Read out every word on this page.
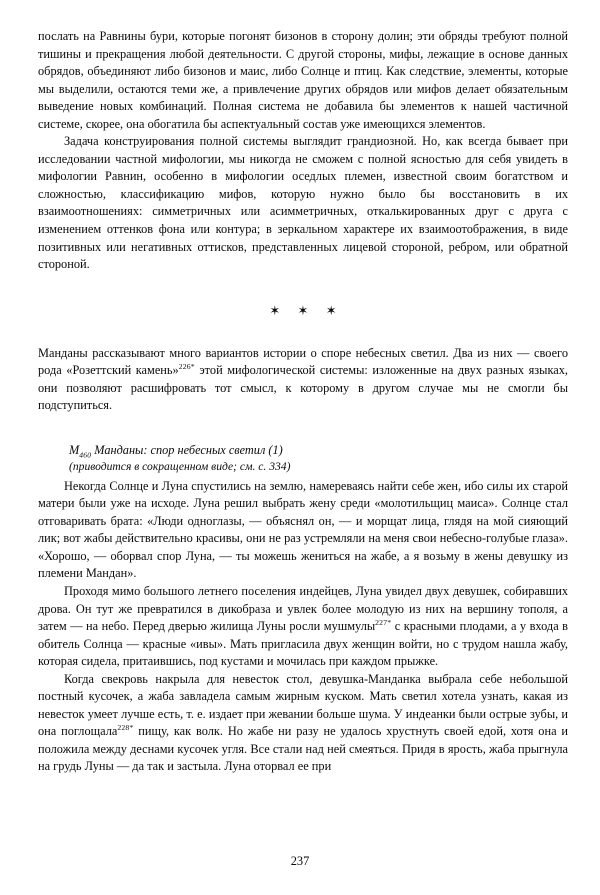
послать на Равнины бури, которые погонят бизонов в сторону долин; эти обряды требуют полной тишины и прекращения любой деятельности. С другой стороны, мифы, лежащие в основе данных обрядов, объединяют либо бизонов и маис, либо Солнце и птиц. Как следствие, элементы, которые мы выделили, остаются теми же, а привлечение других обрядов или мифов делает обязательным выведение новых комбинаций. Полная система не добавила бы элементов к нашей частичной системе, скорее, она обогатила бы аспектуальный состав уже имеющихся элементов.

Задача конструирования полной системы выглядит грандиозной. Но, как всегда бывает при исследовании частной мифологии, мы никогда не сможем с полной ясностью для себя увидеть в мифологии Равнин, особенно в мифологии оседлых племен, известной своим богатством и сложностью, классификацию мифов, которую нужно было бы восстановить в их взаимоотношениях: симметричных или асимметричных, откалькированных друг с друга с изменением оттенков фона или контура; в зеркальном характере их взаимоотображения, в виде позитивных или негативных оттисков, представленных лицевой стороной, ребром, или обратной стороной.

✶ ✶ ✶

Манданы рассказывают много вариантов истории о споре небесных светил. Два из них — своего рода «Розеттский камень»$^{226*}$ этой мифологической системы: изложенные на двух разных языках, они позволяют расшифровать тот смысл, к которому в другом случае мы не смогли бы подступиться.

$M_{460}$ Манданы: спор небесных светил (1)

(приводится в сокращенном виде; см. с. 334)

Некогда Солнце и Луна спустились на землю, намереваясь найти себе жен, ибо силы их старой матери были уже на исходе. Луна решил выбрать жену среди «молотильщиц маиса». Солнце стал отговаривать брата: «Люди одноглазы, — объяснял он, — и морщат лица, глядя на мой сияющий лик; вот жабы действительно красивы, они не раз устремляли на меня свои небесно-голубые глаза». «Хорошо, — оборвал спор Луна, — ты можешь жениться на жабе, а я возьму в жены девушку из племени Мандан».

Проходя мимо большого летнего поселения индейцев, Луна увидел двух девушек, собиравших дрова. Он тут же превратился в дикобраза и увлек более молодую из них на вершину тополя, а затем — на небо. Перед дверью жилища Луны росли мушмулы$^{227*}$ с красными плодами, а у входа в обитель Солнца — красные «ивы». Мать пригласила двух женщин войти, но с трудом нашла жабу, которая сидела, притаившись, под кустами и мочилась при каждом прыжке.

Когда свекровь накрыла для невесток стол, девушка-Манданка выбрала себе небольшой постный кусочек, а жаба завладела самым жирным куском. Мать светил хотела узнать, какая из невесток умеет лучше есть, т. е. издает при жевании больше шума. У индеанки были острые зубы, и она поглощала$^{228*}$ пищу, как волк. Но жабе ни разу не удалось хрустнуть своей едой, хотя она и положила между деснами кусочек угля. Все стали над ней смеяться. Придя в ярость, жаба прыгнула на грудь Луны — да так и застыла. Луна оторвал ее при

237
